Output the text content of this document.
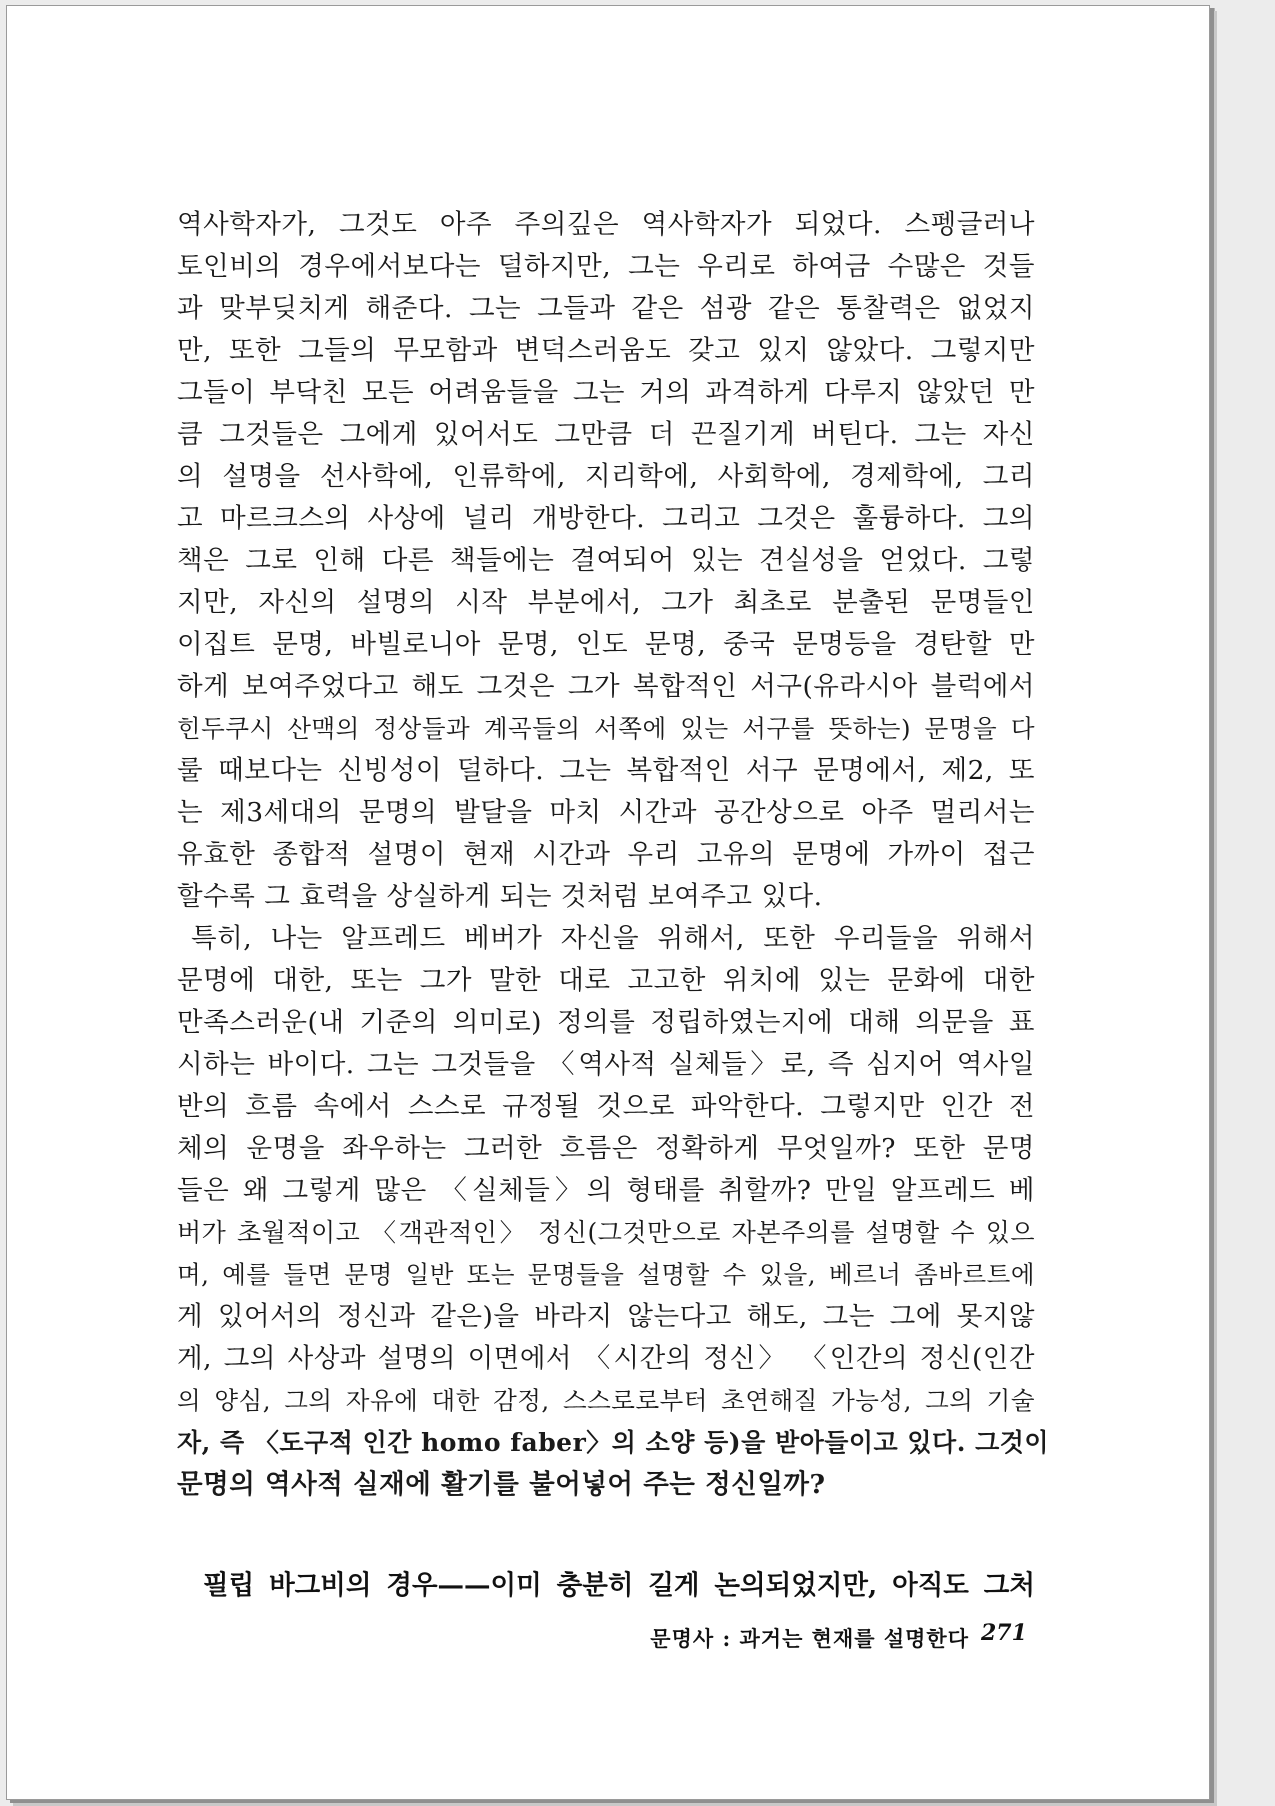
역사학자가, 그것도 아주 주의깊은 역사학자가 되었다. 스펭글러나
토인비의 경우에서보다는 덜하지만, 그는 우리로 하여금 수많은 것들
과 맞부딪치게 해준다. 그는 그들과 같은 섬광 같은 통찰력은 없었지
만, 또한 그들의 무모함과 변덕스러움도 갖고 있지 않았다. 그렇지만
그들이 부닥친 모든 어려움들을 그는 거의 과격하게 다루지 않았던 만
큼 그것들은 그에게 있어서도 그만큼 더 끈질기게 버틴다. 그는 자신
의 설명을 선사학에, 인류학에, 지리학에, 사회학에, 경제학에, 그리
고 마르크스의 사상에 널리 개방한다. 그리고 그것은 훌륭하다. 그의
책은 그로 인해 다른 책들에는 결여되어 있는 견실성을 얻었다. 그렇
지만, 자신의 설명의 시작 부분에서, 그가 최초로 분출된 문명들인
이집트 문명, 바빌로니아 문명, 인도 문명, 중국 문명등을 경탄할 만
하게 보여주었다고 해도 그것은 그가 복합적인 서구(유라시아 블럭에서
힌두쿠시 산맥의 정상들과 계곡들의 서쪽에 있는 서구를 뜻하는) 문명을 다
룰 때보다는 신빙성이 덜하다. 그는 복합적인 서구 문명에서, 제2, 또
는 제3세대의 문명의 발달을 마치 시간과 공간상으로 아주 멀리서는
유효한 종합적 설명이 현재 시간과 우리 고유의 문명에 가까이 접근
할수록 그 효력을 상실하게 되는 것처럼 보여주고 있다.
특히, 나는 알프레드 베버가 자신을 위해서, 또한 우리들을 위해서
문명에 대한, 또는 그가 말한 대로 고고한 위치에 있는 문화에 대한
만족스러운(내 기준의 의미로) 정의를 정립하였는지에 대해 의문을 표
시하는 바이다. 그는 그것들을 〈역사적 실체들〉로, 즉 심지어 역사일
반의 흐름 속에서 스스로 규정될 것으로 파악한다. 그렇지만 인간 전
체의 운명을 좌우하는 그러한 흐름은 정확하게 무엇일까? 또한 문명
들은 왜 그렇게 많은 〈실체들〉의 형태를 취할까? 만일 알프레드 베
버가 초월적이고 〈객관적인〉 정신(그것만으로 자본주의를 설명할 수 있으
며, 예를 들면 문명 일반 또는 문명들을 설명할 수 있을, 베르너 좀바르트에
게 있어서의 정신과 같은)을 바라지 않는다고 해도, 그는 그에 못지않
게, 그의 사상과 설명의 이면에서 〈시간의 정신〉 〈인간의 정신(인간
의 양심, 그의 자유에 대한 감정, 스스로로부터 초연해질 가능성, 그의 기술
자, 즉 〈도구적 인간 homo faber〉의 소양 등)을 받아들이고 있다. 그것이
문명의 역사적 실재에 활기를 불어넣어 주는 정신일까?
필립 바그비의 경우——이미 충분히 길게 논의되었지만, 아직도 그처
문명사 : 과거는 현재를 설명한다 271
